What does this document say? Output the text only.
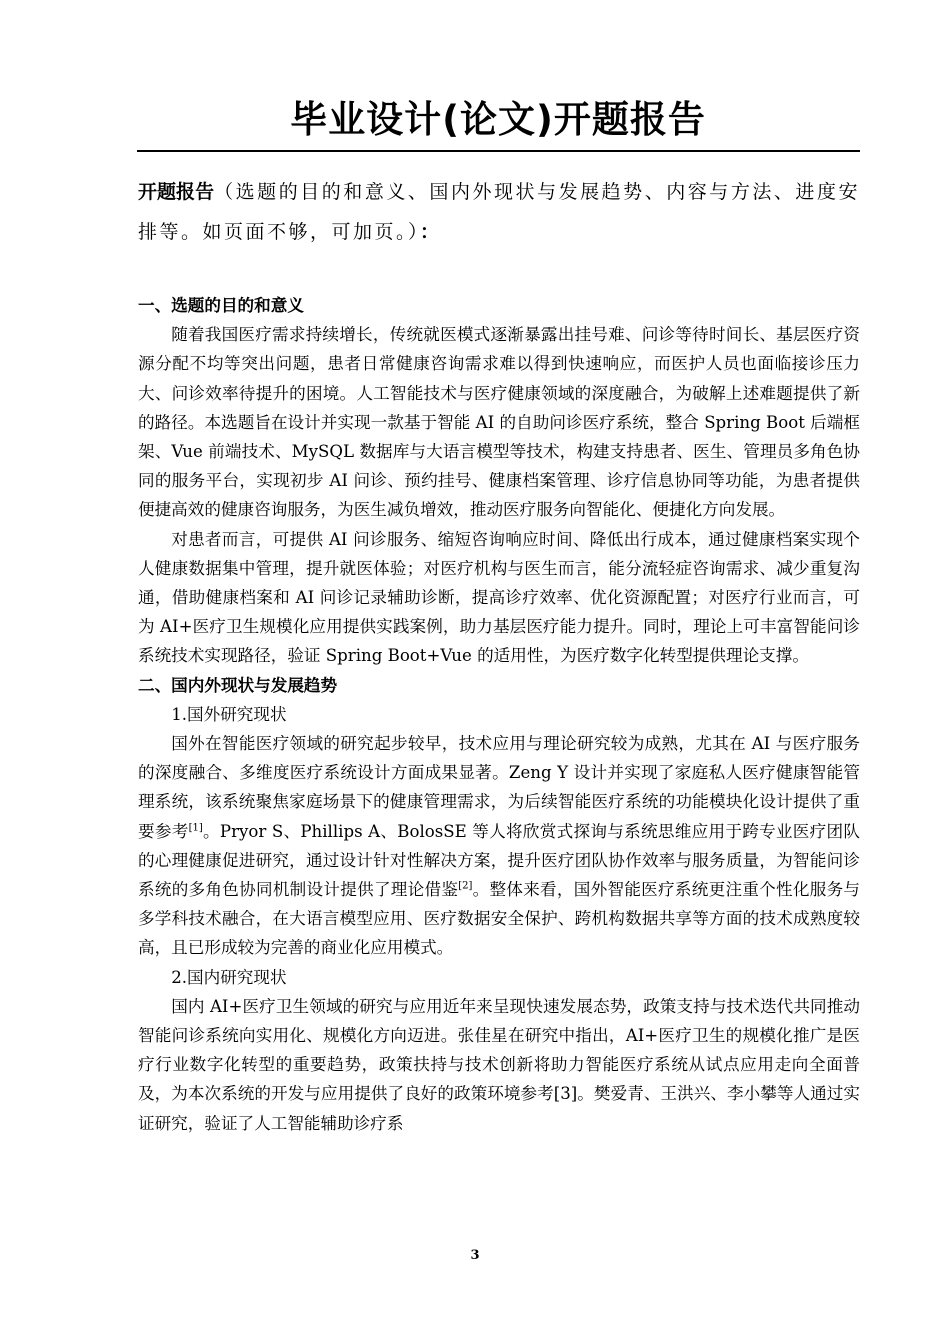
毕业设计(论文)开题报告
开题报告（选题的目的和意义、国内外现状与发展趋势、内容与方法、进度安排等。如页面不够，可加页。）：
一、选题的目的和意义

随着我国医疗需求持续增长，传统就医模式逐渐暴露出挂号难、问诊等待时间长、基层医疗资源分配不均等突出问题，患者日常健康咨询需求难以得到快速响应，而医护人员也面临接诊压力大、问诊效率待提升的困境。人工智能技术与医疗健康领域的深度融合，为破解上述难题提供了新的路径。本选题旨在设计并实现一款基于智能 AI 的自助问诊医疗系统，整合 Spring Boot 后端框架、Vue 前端技术、MySQL 数据库与大语言模型等技术，构建支持患者、医生、管理员多角色协同的服务平台，实现初步 AI 问诊、预约挂号、健康档案管理、诊疗信息协同等功能，为患者提供便捷高效的健康咨询服务，为医生减负增效，推动医疗服务向智能化、便捷化方向发展。

对患者而言，可提供 AI 问诊服务、缩短咨询响应时间、降低出行成本，通过健康档案实现个人健康数据集中管理，提升就医体验；对医疗机构与医生而言，能分流轻症咨询需求、减少重复沟通，借助健康档案和 AI 问诊记录辅助诊断，提高诊疗效率、优化资源配置；对医疗行业而言，可为 AI+医疗卫生规模化应用提供实践案例，助力基层医疗能力提升。同时，理论上可丰富智能问诊系统技术实现路径，验证 Spring Boot+Vue 的适用性，为医疗数字化转型提供理论支撑。

二、国内外现状与发展趋势
1.国外研究现状

国外在智能医疗领域的研究起步较早，技术应用与理论研究较为成熟，尤其在 AI 与医疗服务的深度融合、多维度医疗系统设计方面成果显著。Zeng Y 设计并实现了家庭私人医疗健康智能管理系统，该系统聚焦家庭场景下的健康管理需求，为后续智能医疗系统的功能模块化设计提供了重要参考[1]。Pryor S、Phillips A、BolosSE 等人将欣赏式探询与系统思维应用于跨专业医疗团队的心理健康促进研究，通过设计针对性解决方案，提升医疗团队协作效率与服务质量，为智能问诊系统的多角色协同机制设计提供了理论借鉴[2]。整体来看，国外智能医疗系统更注重个性化服务与多学科技术融合，在大语言模型应用、医疗数据安全保护、跨机构数据共享等方面的技术成熟度较高，且已形成较为完善的商业化应用模式。

2.国内研究现状

国内 AI+医疗卫生领域的研究与应用近年来呈现快速发展态势，政策支持与技术迭代共同推动智能问诊系统向实用化、规模化方向迈进。张佳星在研究中指出，AI+医疗卫生的规模化推广是医疗行业数字化转型的重要趋势，政策扶持与技术创新将助力智能医疗系统从试点应用走向全面普及，为本次系统的开发与应用提供了良好的政策环境参考[3]。樊爱青、王洪兴、李小攀等人通过实证研究，验证了人工智能辅助诊疗系

3
